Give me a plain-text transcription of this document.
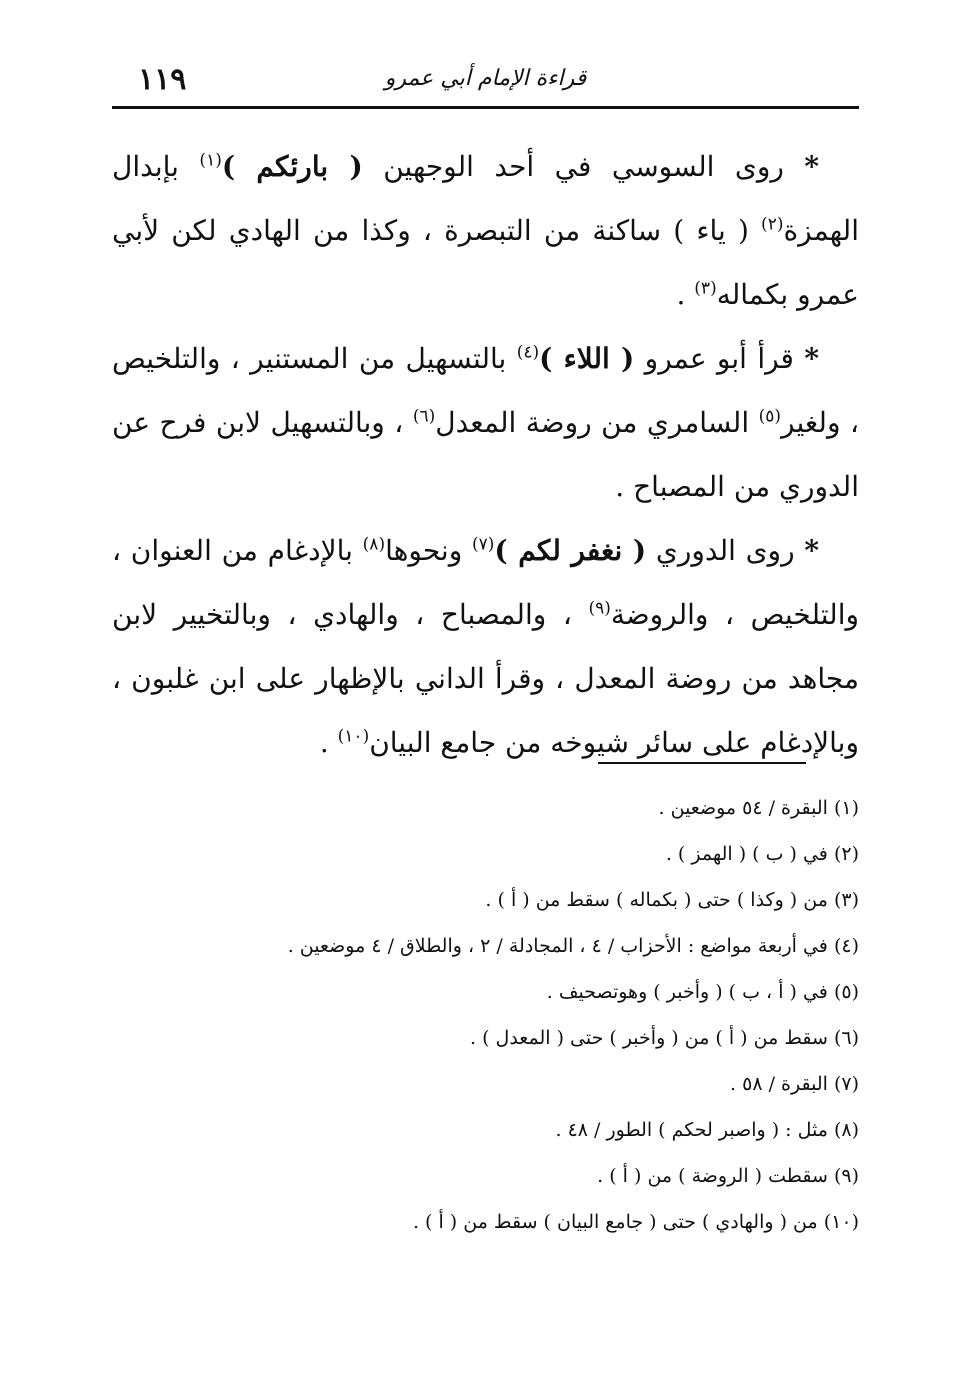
١١٩	قراءة الإمام أبي عمرو

* روى السوسي في أحد الوجهين ( بارئكم )$^{(١)}$ بإبدال الهمزة$^{(٢)}$ ( ياء ) ساكنة من التبصرة ، وكذا من الهادي لكن لأبي عمرو بكماله$^{(٣)}$ .

* قرأ أبو عمرو ( اللاء )$^{(٤)}$ بالتسهيل من المستنير ، والتلخيص ، ولغير$^{(٥)}$ السامري من روضة المعدل$^{(٦)}$ ، وبالتسهيل لابن فرح عن الدوري من المصباح .

* روى الدوري ( نغفر لكم )$^{(٧)}$ ونحوها$^{(٨)}$ بالإدغام من العنوان ، والتلخيص ، والروضة$^{(٩)}$ ، والمصباح ، والهادي ، وبالتخيير لابن مجاهد من روضة المعدل ، وقرأ الداني بالإظهار على ابن غلبون ، وبالإدغام على سائر شيوخه من جامع البيان$^{(١٠)}$ .

(١) البقرة / ٥٤ موضعين .

(٢) في ( ب ) ( الهمز ) .

(٣) من ( وكذا ) حتى ( بكماله ) سقط من ( أ ) .

(٤) في أربعة مواضع : الأحزاب / ٤ ، المجادلة / ٢ ، والطلاق / ٤ موضعين .

(٥) في ( أ ، ب ) ( وأخبر ) وهوتصحيف .

(٦) سقط من ( أ ) من ( وأخبر ) حتى ( المعدل ) .

(٧) البقرة / ٥٨ .

(٨) مثل : ( واصبر لحكم ) الطور / ٤٨ .

(٩) سقطت ( الروضة ) من ( أ ) .

(١٠) من ( والهادي ) حتى ( جامع البيان ) سقط من ( أ ) .
